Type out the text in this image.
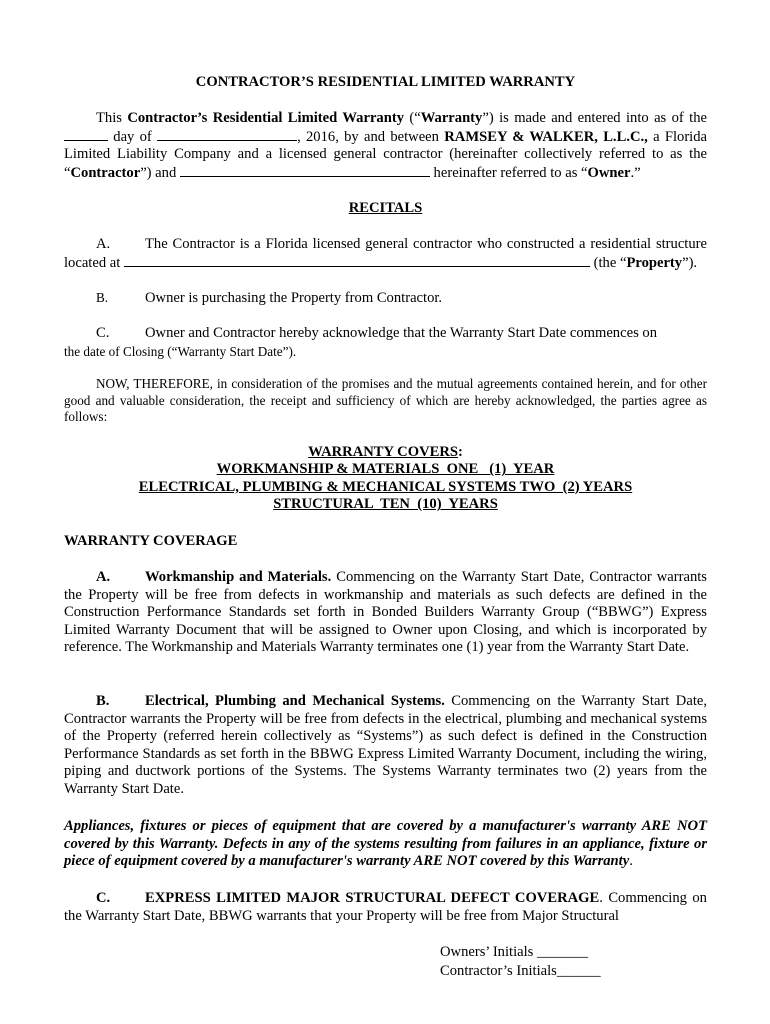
CONTRACTOR’S RESIDENTIAL LIMITED WARRANTY

This Contractor’s Residential Limited Warranty (“Warranty”) is made and entered into as of the  day of	, 2016, by and between RAMSEY & WALKER, L.L.C., a Florida Limited Liability Company and a licensed general contractor (hereinafter collectively referred to as the “Contractor”) and	hereinafter referred to as “Owner.”

RECITALS

A. The Contractor is a Florida licensed general contractor who constructed a residential structure located at	(the “Property”).

B.	Owner is purchasing the Property from Contractor.

C. Owner and Contractor hereby acknowledge that the Warranty Start Date commences on

the date of Closing (“Warranty Start Date”).

NOW, THEREFORE, in consideration of the promises and the mutual agreements contained herein, and for other good and valuable consideration, the receipt and sufficiency of which are hereby acknowledged, the parties agree as follows:

WARRANTY COVERS:
WORKMANSHIP & MATERIALS  ONE   (1)  YEAR
ELECTRICAL, PLUMBING & MECHANICAL SYSTEMS TWO  (2) YEARS
STRUCTURAL  TEN  (10)  YEARS

WARRANTY COVERAGE

A. Workmanship and Materials. Commencing on the Warranty Start Date, Contractor warrants the Property will be free from defects in workmanship and materials as such defects are defined in the Construction Performance Standards set forth in Bonded Builders Warranty Group (“BBWG”) Express Limited Warranty Document that will be assigned to Owner upon Closing, and which is incorporated by reference. The Workmanship and Materials Warranty terminates one (1) year from the Warranty Start Date.

B. Electrical, Plumbing and Mechanical Systems. Commencing on the Warranty Start Date, Contractor warrants the Property will be free from defects in the electrical, plumbing and mechanical systems of the Property (referred herein collectively as “Systems”) as such defect is defined in the Construction Performance Standards as set forth in the BBWG Express Limited Warranty Document, including the wiring, piping and ductwork portions of the Systems. The Systems Warranty terminates two (2) years from the Warranty Start Date.

Appliances, fixtures or pieces of equipment that are covered by a manufacturer's warranty ARE NOT covered by this Warranty. Defects in any of the systems resulting from failures in an appliance, fixture or piece of equipment covered by a manufacturer's warranty ARE NOT covered by this Warranty.

C. EXPRESS LIMITED MAJOR STRUCTURAL DEFECT COVERAGE. Commencing on the Warranty Start Date, BBWG warrants that your Property will be free from Major Structural

Owners’ Initials _______
Contractor’s Initials______
